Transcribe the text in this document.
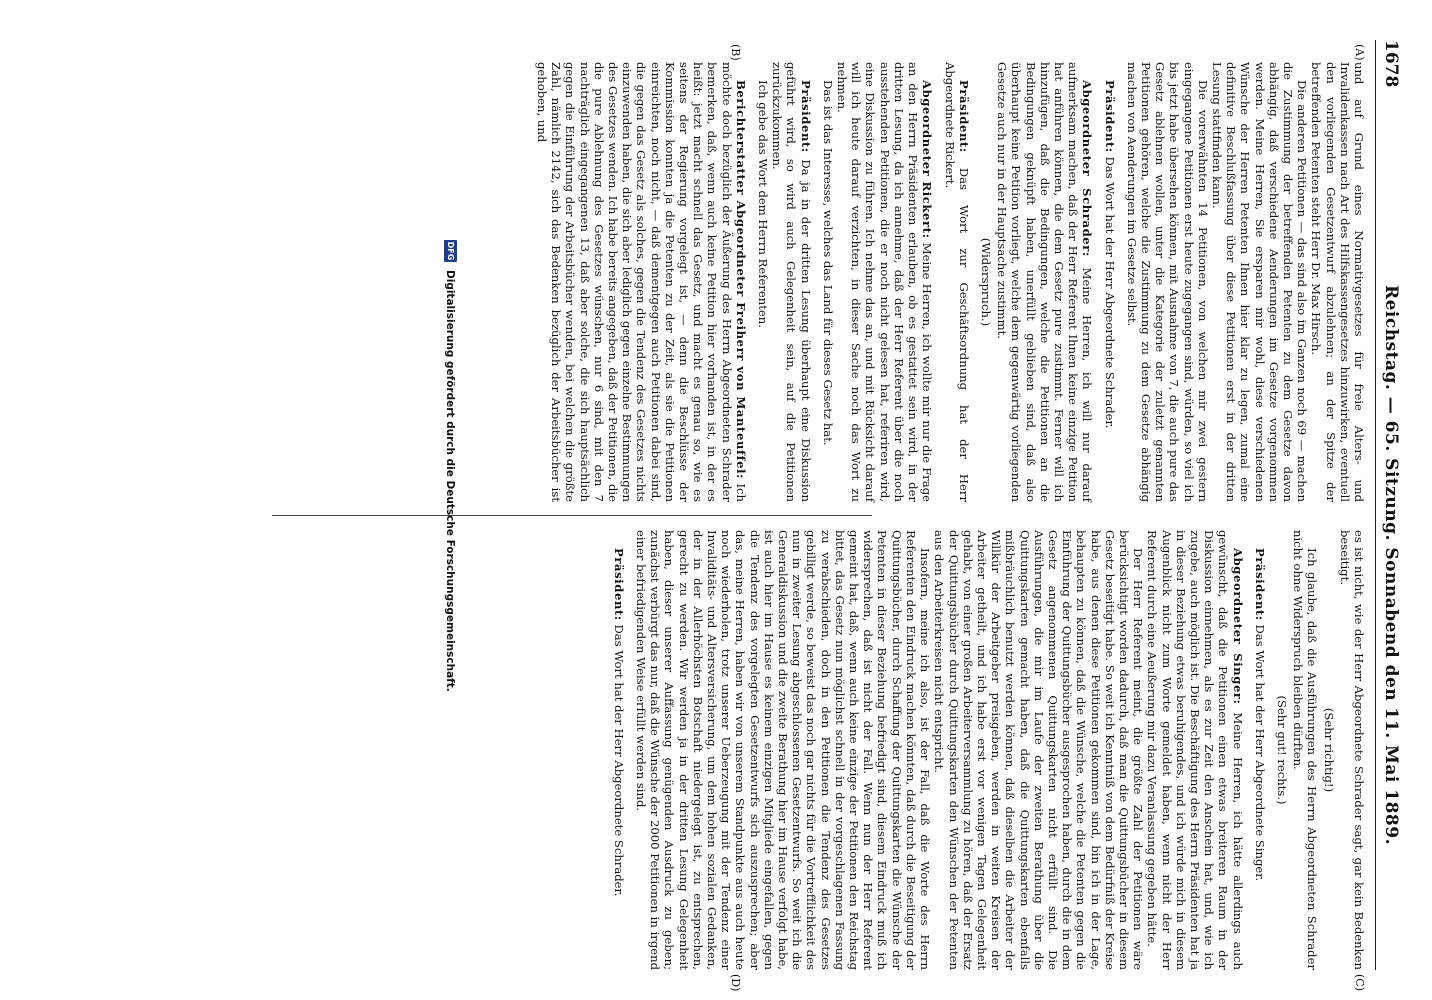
1678
Reichstag. — 65. Sitzung. Sonnabend den 11. Mai 1889.
(A)
(B)
(C)
(D)

und auf Grund eines Normativgesetzes für freie Alters- und Invalidenkassen nach Art des Hilfskassengesetzes hinzuwirken, eventuell den vorliegenden Gesetzentwurf abzulehnen; an der Spitze der betreffenden Petenten steht Herr Dr. Max Hirsch.

Die anderen Petitionen — das sind also im Ganzen noch 69 — machen die Zustimmung der betreffenden Petenten zu dem Gesetze davon abhängig, daß verschiedene Aenderungen im Gesetze vorgenommen werden. Meine Herren, Sie ersparen mir wohl, diese verschiedenen Wünsche der Herren Petenten Ihnen hier klar zu legen, zumal eine definitive Beschlußfassung über diese Petitionen erst in der dritten Lesung stattfinden kann.

Die vorerwähnten 14 Petitionen, von welchen mir zwei gestern eingegangene Petitionen erst heute zugegangen sind, würden, so viel ich bis jetzt habe übersehen können, mit Ausnahme von 7, die auch pure das Gesetz ablehnen wollen, unter die Kategorie der zuletzt genannten Petitionen gehören, welche die Zustimmung zu dem Gesetze abhängig machen von Aenderungen im Gesetze selbst.

Präsident: Das Wort hat der Herr Abgeordnete Schrader.

Abgeordneter Schrader: Meine Herren, ich will nur darauf aufmerksam machen, daß der Herr Referent Ihnen keine einzige Petition hat anführen können, die dem Gesetz pure zustimmt. Ferner will ich hinzufügen, daß die Bedingungen, welche die Petitionen an die Bedingungen geknüpft haben, unerfüllt geblieben sind, daß also überhaupt keine Petition vorliegt, welche dem gegenwärtig vorliegenden Gesetze auch nur in der Hauptsache zustimmt.

(Widerspruch.)

Präsident: Das Wort zur Geschäftsordnung hat der Herr Abgeordnete Rickert.

Abgeordneter Rickert: Meine Herren, ich wollte mir nur die Frage an den Herrn Präsidenten erlauben, ob es gestattet sein wird, in der dritten Lesung, da ich annehme, daß der Herr Referent über die noch ausstehenden Petitionen, die er noch nicht gelesen hat, referiren wird, eine Diskussion zu führen. Ich nehme das an, und mit Rücksicht darauf will ich heute darauf verzichten, in dieser Sache noch das Wort zu nehmen.

Das ist das Interesse, welches das Land für dieses Gesetz hat.

Präsident: Da ja in der dritten Lesung überhaupt eine Diskussion geführt wird, so wird auch Gelegenheit sein, auf die Petitionen zurückzukommen.

Ich gebe das Wort dem Herrn Referenten.

Berichterstatter Abgeordneter Freiherr von Manteuffel: Ich möchte doch bezüglich der Äußerung des Herrn Abgeordneten Schrader bemerken, daß, wenn auch keine Petition hier vorhanden ist, in der es heißt: jetzt macht schnell das Gesetz, und macht es genau so, wie es seitens der Regierung vorgelegt ist, — denn die Beschlüsse der Kommission konnten ja die Petenten zu der Zeit, als sie die Petitionen einreichten, noch nicht, — daß dementgegen auch Petitionen dabei sind, die gegen das Gesetz als solches, gegen die Tendenz des Gesetzes nichts einzuwenden haben, die sich aber lediglich gegen einzelne Bestimmungen des Gesetzes wenden. Ich habe bereits angegeben, daß der Petitionen, die die pure Ablehnung des Gesetzes wünschen, nur 6 sind, mit den 7 nachträglich eingegangenen 13, daß aber solche, die sich hauptsächlich gegen die Einführung der Arbeitsbücher wenden, bei welchen die größte Zahl, nämlich 2142, sich das Bedenken bezüglich der Arbeitsbücher ist gehoben, und

es ist nicht, wie der Herr Abgeordnete Schrader sagt, gar kein Bedenken beseitigt.

(Sehr richtig!)

Ich glaube, daß die Ausführungen des Herrn Abgeordneten Schrader nicht ohne Widerspruch bleiben dürften.

(Sehr gut! rechts.)

Präsident: Das Wort hat der Herr Abgeordnete Singer.

Abgeordneter Singer: Meine Herren, ich hätte allerdings auch gewünscht, daß die Petitionen einen etwas breiteren Raum in der Diskussion einnehmen, als es zur Zeit den Anschein hat, und, wie ich zugebe, auch möglich ist. Die Beschäftigung des Herrn Präsidenten hat ja in dieser Beziehung etwas beruhigendes, und ich würde mich in diesem Augenblick nicht zum Worte gemeldet haben, wenn nicht der Herr Referent durch eine Aeußerung mir dazu Veranlassung gegeben hätte.

Der Herr Referent meint, die größte Zahl der Petitionen wäre berücksichtigt worden dadurch, daß man die Quittungsbücher in diesem Gesetz beseitigt habe. So weit ich Kenntniß von dem Bedürfniß der Kreise habe, aus denen diese Petitionen gekommen sind, bin ich in der Lage, behaupten zu können, daß die Wünsche, welche die Petenten gegen die Einführung der Quittungsbücher ausgesprochen haben, durch die in dem Gesetz angenommenen Quittungskarten nicht erfüllt sind. Die Ausführungen, die mir im Laufe der zweiten Berathung über die Quittungskarten gemacht haben, daß die Quittungskarten ebenfalls mißbräuchlich benutzt werden können, daß dieselben die Arbeiter der Willkür der Arbeitgeber preisgeben, werden in weiten Kreisen der Arbeiter getheilt, und ich habe erst vor wenigen Tagen Gelegenheit gehabt, von einer großen Arbeiterversammlung zu hören, daß der Ersatz der Quittungsbücher durch Quittungskarten den Wünschen der Petenten aus den Arbeiterkreisen nicht entspricht.

Insofern, meine ich also, ist der Fall, daß die Worte des Herrn Referenten den Eindruck machen könnten, daß durch die Beseitigung der Quittungsbücher, durch Schaffung der Quittungskarten die Wünsche der Petenten in dieser Beziehung befriedigt sind, diesem Eindruck muß ich widersprechen, daß ist nicht der Fall. Wenn nun der Herr Referent gemeint hat, daß, wenn auch keine einzige der Petitionen den Reichstag bittet, das Gesetz nun möglichst schnell in der vorgeschlagenen Fassung zu verabschieden, doch in den Petitionen die Tendenz des Gesetzes gebilligt werde, so beweist das noch gar nichts für die Vortrefflichkeit des nun in zweiter Lesung abgeschlossenen Gesetzentwurfs. So weit ich die Generaldiskussion und die zweite Berathung hier im Hause verfolgt habe, ist auch hier im Hause es keinem einzigen Mitgliede eingefallen, gegen die Tendenz des vorgelegten Gesetzentwurfs sich auszusprechen; aber das, meine Herren, haben wir von unserem Standpunkte aus auch heute noch wiederholen, trotz unserer Ueberzeugung mit der Tendenz einer Invaliditäts- und Altersversicherung, um dem hohen sozialen Gedanken, der in der Allerhöchsten Botschaft niedergelegt ist, zu entsprechen, gerecht zu werden. Wir werden ja in der dritten Lesung Gelegenheit haben, dieser unserer Auffassung genügenden Ausdruck zu geben; zunächst verbürgt das nur, daß die Wünsche der 2000 Petitionen in irgend einer befriedigenden Weise erfüllt werden sind.

Präsident: Das Wort hat der Herr Abgeordnete Schrader.

DFG
Digitalisierung gefördert durch die Deutsche Forschungsgemeinschaft.
